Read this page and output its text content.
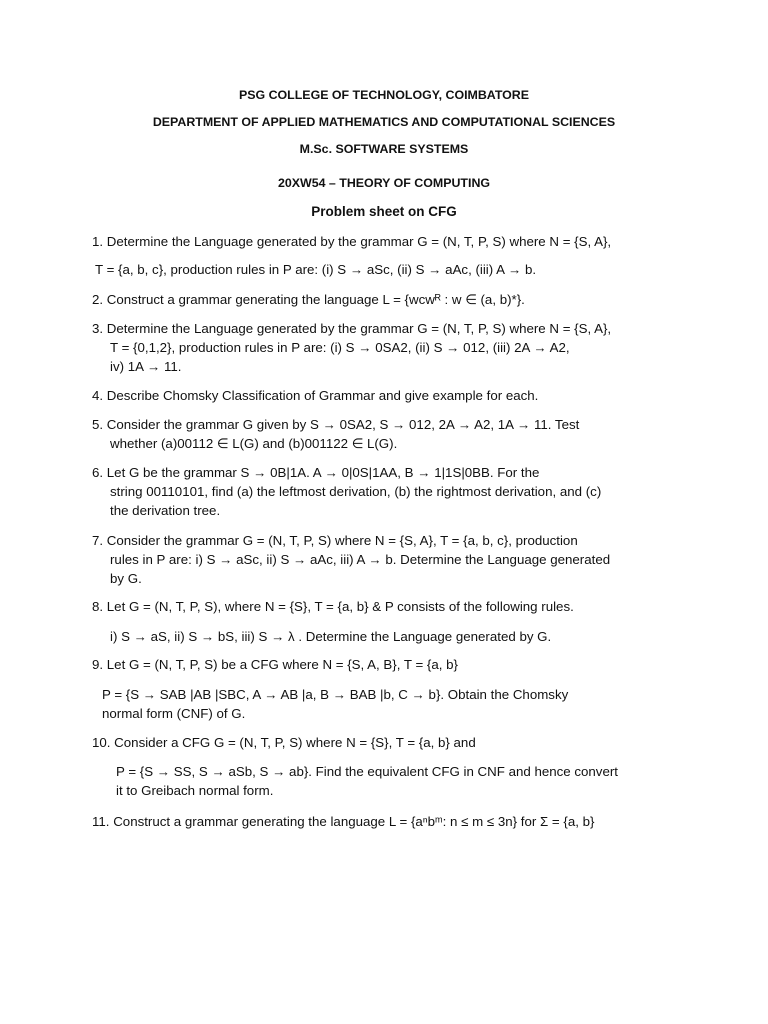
PSG COLLEGE OF TECHNOLOGY, COIMBATORE
DEPARTMENT OF APPLIED MATHEMATICS AND COMPUTATIONAL SCIENCES
M.Sc. SOFTWARE SYSTEMS
20XW54 – THEORY OF COMPUTING
Problem sheet on CFG
1. Determine the Language generated by the grammar G = (N, T, P, S) where N = {S, A},
T = {a, b, c}, production rules in P are: (i) S → aSc, (ii) S → aAc, (iii) A → b.
2. Construct a grammar generating the language L = {wcwᴿ : w ∈ (a, b)*}.
3. Determine the Language generated by the grammar G = (N, T, P, S) where N = {S, A},
T = {0,1,2}, production rules in P are: (i) S → 0SA2, (ii) S → 012, (iii) 2A → A2,
iv) 1A → 11.
4. Describe Chomsky Classification of Grammar and give example for each.
5. Consider the grammar G given by S → 0SA2, S → 012, 2A → A2, 1A → 11. Test
whether (a)00112 ∈ L(G) and (b)001122 ∈ L(G).
6. Let G be the grammar S → 0B|1A. A → 0|0S|1AA, B → 1|1S|0BB. For the
string 00110101, find (a) the leftmost derivation, (b) the rightmost derivation, and (c)
the derivation tree.
7. Consider the grammar G = (N, T, P, S) where N = {S, A}, T = {a, b, c}, production
rules in P are: i) S → aSc, ii) S → aAc, iii) A → b. Determine the Language generated
by G.
8. Let G = (N, T, P, S), where N = {S}, T = {a, b} & P consists of the following rules.
i) S → aS, ii) S → bS, iii) S → λ . Determine the Language generated by G.
9. Let G = (N, T, P, S) be a CFG where N = {S, A, B}, T = {a, b}
P = {S → SAB |AB |SBC, A → AB |a, B → BAB |b, C → b}. Obtain the Chomsky
normal form (CNF) of G.
10. Consider a CFG G = (N, T, P, S) where N = {S}, T = {a, b} and
P = {S → SS, S → aSb, S → ab}. Find the equivalent CFG in CNF and hence convert
it to Greibach normal form.
11. Construct a grammar generating the language L = {aⁿbᵐ: n ≤ m ≤ 3n} for Σ = {a, b}
